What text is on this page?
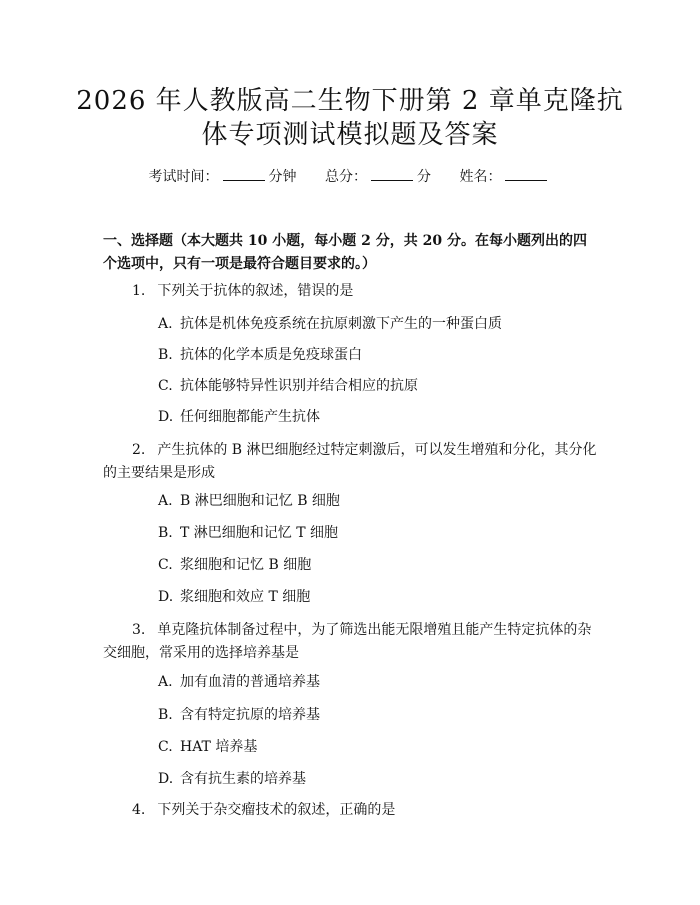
2026 年人教版高二生物下册第 2 章单克隆抗
体专项测试模拟题及答案
考试时间：	分钟 总分：	分 姓名：

一、选择题（本大题共 10 小题，每小题 2 分，共 20 分。在每小题列出的四个选项中，只有一项是最符合题目要求的。）

1. 下列关于抗体的叙述，错误的是

A. 抗体是机体免疫系统在抗原刺激下产生的一种蛋白质
B. 抗体的化学本质是免疫球蛋白
C. 抗体能够特异性识别并结合相应的抗原
D. 任何细胞都能产生抗体

2. 产生抗体的 B 淋巴细胞经过特定刺激后，可以发生增殖和分化，其分化的主要结果是形成

A. B 淋巴细胞和记忆 B 细胞
B. T 淋巴细胞和记忆 T 细胞
C. 浆细胞和记忆 B 细胞
D. 浆细胞和效应 T 细胞

3. 单克隆抗体制备过程中，为了筛选出能无限增殖且能产生特定抗体的杂交细胞，常采用的选择培养基是

A. 加有血清的普通培养基
B. 含有特定抗原的培养基
C. HAT 培养基
D. 含有抗生素的培养基

4. 下列关于杂交瘤技术的叙述，正确的是
